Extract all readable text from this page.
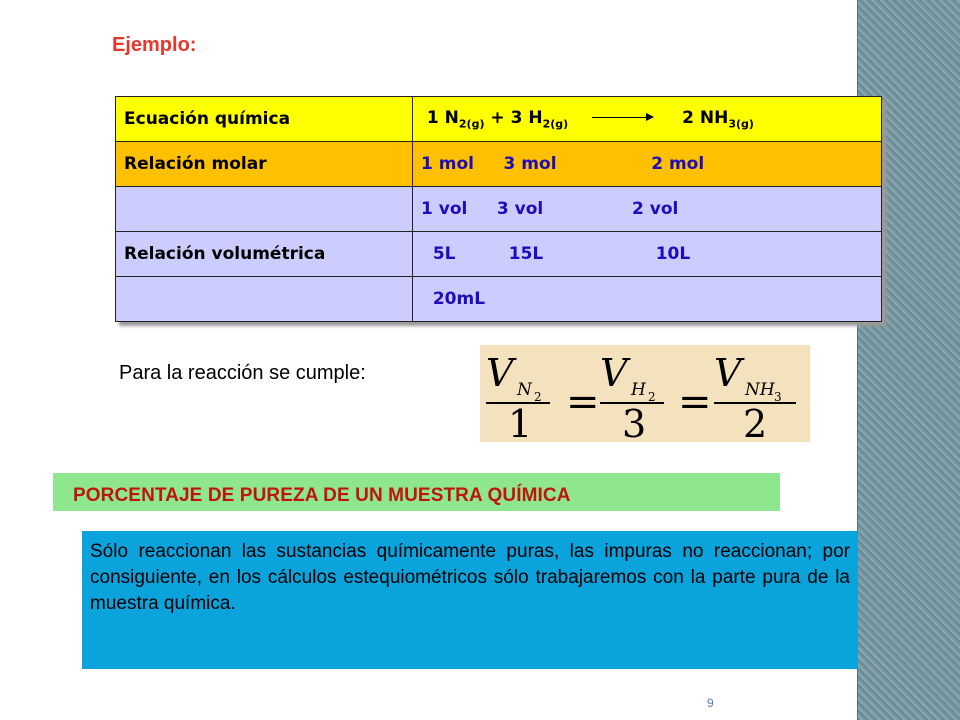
Ejemplo:
Ecuación química	1 $N_{2(g)} + 3$ $H_{2(g)} \to 2$ $NH_{3(g)}$
Relación molar	1 mol     3 mol                2 mol
	1 vol     3 vol               2 vol
Relación volumétrica	5L         15L                   10L
	20mL
Para la reacción se cumple:	V N 2
1 =
V H 2
3 =
V NH 3
2
PORCENTAJE DE PUREZA DE UN MUESTRA QUÍMICA

Sólo reaccionan las sustancias químicamente puras, las impuras no reaccionan; por consiguiente, en los cálculos estequiométricos sólo trabajaremos con la parte pura de la muestra química.

9
